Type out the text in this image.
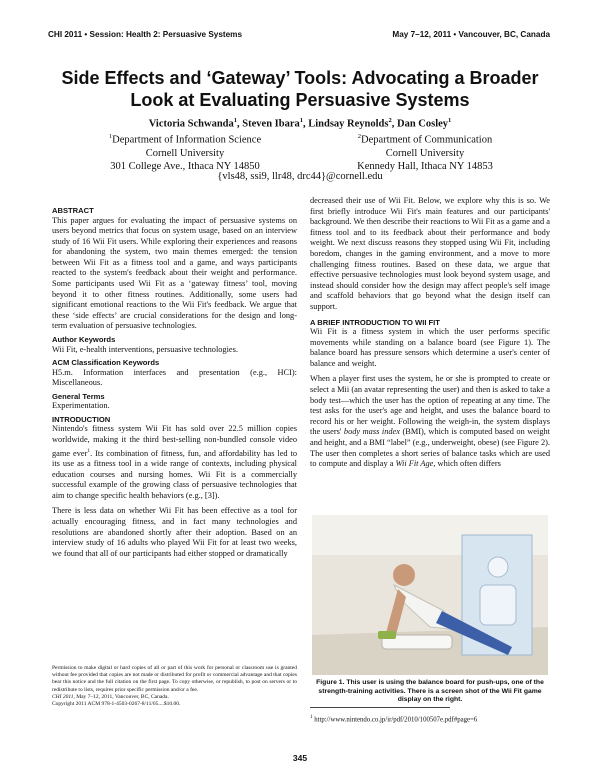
CHI 2011 • Session: Health 2: Persuasive Systems	May 7–12, 2011 • Vancouver, BC, Canada
Side Effects and ‘Gateway’ Tools: Advocating a Broader Look at Evaluating Persuasive Systems
Victoria Schwanda$^1$, Steven Ibara$^1$, Lindsay Reynolds$^2$, Dan Cosley$^1$
$^1$Department of Information Science
Cornell University
301 College Ave., Ithaca NY 14850
$^2$Department of Communication
Cornell University
Kennedy Hall, Ithaca NY 14853
{vls48, ssi9, llr48, drc44}@cornell.edu
ABSTRACT

This paper argues for evaluating the impact of persuasive systems on users beyond metrics that focus on system usage, based on an interview study of 16 Wii Fit users. While exploring their experiences and reasons for abandoning the system, two main themes emerged: the tension between Wii Fit as a fitness tool and a game, and ways participants reacted to the system's feedback about their weight and performance. Some participants used Wii Fit as a ‘gateway fitness’ tool, moving beyond it to other fitness routines. Additionally, some users had significant emotional reactions to the Wii Fit's feedback. We argue that these ‘side effects’ are crucial considerations for the design and long-term evaluation of persuasive technologies.

Author Keywords

Wii Fit, e-health interventions, persuasive technologies.

ACM Classification Keywords

H5.m. Information interfaces and presentation (e.g., HCI): Miscellaneous.

General Terms

Experimentation.

INTRODUCTION

Nintendo's fitness system Wii Fit has sold over 22.5 million copies worldwide, making it the third best-selling non-bundled console video game ever$^1$. Its combination of fitness, fun, and affordability has led to its use as a fitness tool in a wide range of contexts, including physical education courses and nursing homes. Wii Fit is a commercially successful example of the growing class of persuasive technologies that aim to change specific health behaviors (e.g., [3]).

There is less data on whether Wii Fit has been effective as a tool for actually encouraging fitness, and in fact many technologies and resolutions are abandoned shortly after their adoption. Based on an interview study of 16 adults who played Wii Fit for at least two weeks, we found that all of our participants had either stopped or dramatically

Permission to make digital or hard copies of all or part of this work for personal or classroom use is granted without fee provided that copies are not made or distributed for profit or commercial advantage and that copies bear this notice and the full citation on the first page. To copy otherwise, or republish, to post on servers or to redistribute to lists, requires prior specific permission and/or a fee.

CHI 2011, May 7–12, 2011, Vancouver, BC, Canada.

Copyright 2011 ACM 978-1-4503-0267-8/11/05....$10.00.

decreased their use of Wii Fit. Below, we explore why this is so. We first briefly introduce Wii Fit's main features and our participants' background. We then describe their reactions to Wii Fit as a game and a fitness tool and to its feedback about their performance and body weight. We next discuss reasons they stopped using Wii Fit, including boredom, changes in the gaming environment, and a move to more challenging fitness routines. Based on these data, we argue that effective persuasive technologies must look beyond system usage, and instead should consider how the design may affect people's self image and scaffold behaviors that go beyond what the design itself can support.

A BRIEF INTRODUCTION TO WII FIT

Wii Fit is a fitness system in which the user performs specific movements while standing on a balance board (see Figure 1). The balance board has pressure sensors which determine a user's center of balance and weight.

When a player first uses the system, he or she is prompted to create or select a Mii (an avatar representing the user) and then is asked to take a body test—which the user has the option of repeating at any time. The test asks for the user's age and height, and uses the balance board to record his or her weight. Following the weigh-in, the system displays the users' body mass index (BMI), which is computed based on weight and height, and a BMI “label” (e.g., underweight, obese) (see Figure 2). The user then completes a short series of balance tasks which are used to compute and display a Wii Fit Age, which often differs

Figure 1. This user is using the balance board for push-ups, one of the strength-training activities. There is a screen shot of the Wii Fit game display on the right.
$^1$ http://www.nintendo.co.jp/ir/pdf/2010/100507e.pdf#page=6
345
